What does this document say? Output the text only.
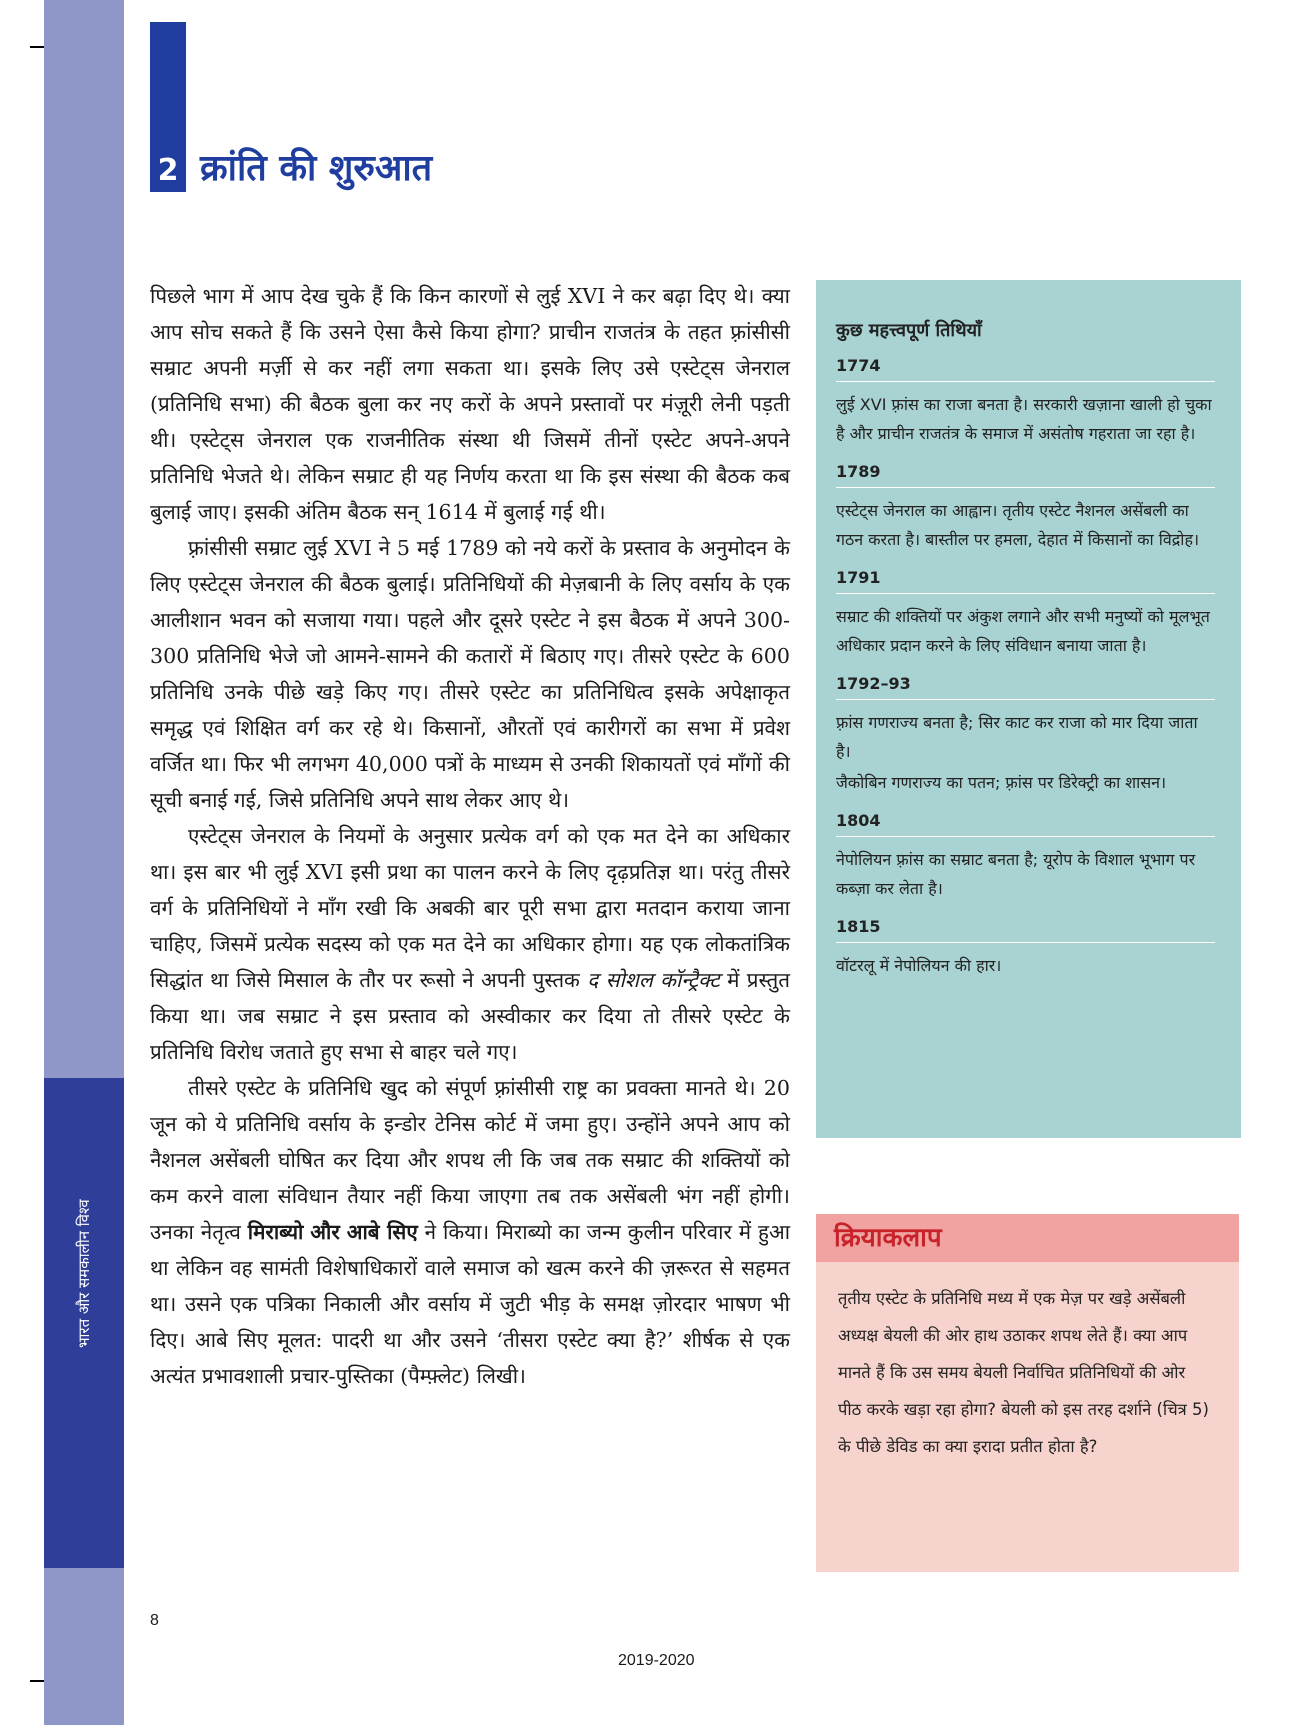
भारत और समकालीन विश्व
2 क्रांति की शुरुआत

पिछले भाग में आप देख चुके हैं कि किन कारणों से लुई XVI ने कर बढ़ा दिए थे। क्या आप सोच सकते हैं कि उसने ऐसा कैसे किया होगा? प्राचीन राजतंत्र के तहत फ़्रांसीसी सम्राट अपनी मर्ज़ी से कर नहीं लगा सकता था। इसके लिए उसे एस्टेट्स जेनराल (प्रतिनिधि सभा) की बैठक बुला कर नए करों के अपने प्रस्तावों पर मंज़ूरी लेनी पड़ती थी। एस्टेट्स जेनराल एक राजनीतिक संस्था थी जिसमें तीनों एस्टेट अपने-अपने प्रतिनिधि भेजते थे। लेकिन सम्राट ही यह निर्णय करता था कि इस संस्था की बैठक कब बुलाई जाए। इसकी अंतिम बैठक सन् 1614 में बुलाई गई थी।

फ़्रांसीसी सम्राट लुई XVI ने 5 मई 1789 को नये करों के प्रस्ताव के अनुमोदन के लिए एस्टेट्स जेनराल की बैठक बुलाई। प्रतिनिधियों की मेज़बानी के लिए वर्साय के एक आलीशान भवन को सजाया गया। पहले और दूसरे एस्टेट ने इस बैठक में अपने 300-300 प्रतिनिधि भेजे जो आमने-सामने की कतारों में बिठाए गए। तीसरे एस्टेट के 600 प्रतिनिधि उनके पीछे खड़े किए गए। तीसरे एस्टेट का प्रतिनिधित्व इसके अपेक्षाकृत समृद्ध एवं शिक्षित वर्ग कर रहे थे। किसानों, औरतों एवं कारीगरों का सभा में प्रवेश वर्जित था। फिर भी लगभग 40,000 पत्रों के माध्यम से उनकी शिकायतों एवं माँगों की सूची बनाई गई, जिसे प्रतिनिधि अपने साथ लेकर आए थे।

एस्टेट्स जेनराल के नियमों के अनुसार प्रत्येक वर्ग को एक मत देने का अधिकार था। इस बार भी लुई XVI इसी प्रथा का पालन करने के लिए दृढ़प्रतिज्ञ था। परंतु तीसरे वर्ग के प्रतिनिधियों ने माँग रखी कि अबकी बार पूरी सभा द्वारा मतदान कराया जाना चाहिए, जिसमें प्रत्येक सदस्य को एक मत देने का अधिकार होगा। यह एक लोकतांत्रिक सिद्धांत था जिसे मिसाल के तौर पर रूसो ने अपनी पुस्तक द सोशल कॉन्ट्रैक्ट में प्रस्तुत किया था। जब सम्राट ने इस प्रस्ताव को अस्वीकार कर दिया तो तीसरे एस्टेट के प्रतिनिधि विरोध जताते हुए सभा से बाहर चले गए।

तीसरे एस्टेट के प्रतिनिधि खुद को संपूर्ण फ़्रांसीसी राष्ट्र का प्रवक्ता मानते थे। 20 जून को ये प्रतिनिधि वर्साय के इन्डोर टेनिस कोर्ट में जमा हुए। उन्होंने अपने आप को नैशनल असेंबली घोषित कर दिया और शपथ ली कि जब तक सम्राट की शक्तियों को कम करने वाला संविधान तैयार नहीं किया जाएगा तब तक असेंबली भंग नहीं होगी। उनका नेतृत्व मिराब्यो और आबे सिए ने किया। मिराब्यो का जन्म कुलीन परिवार में हुआ था लेकिन वह सामंती विशेषाधिकारों वाले समाज को खत्म करने की ज़रूरत से सहमत था। उसने एक पत्रिका निकाली और वर्साय में जुटी भीड़ के समक्ष ज़ोरदार भाषण भी दिए। आबे सिए मूलत: पादरी था और उसने ‘तीसरा एस्टेट क्या है?’ शीर्षक से एक अत्यंत प्रभावशाली प्रचार-पुस्तिका (पैम्फ़्लेट) लिखी।

कुछ महत्त्वपूर्ण तिथियाँ
1774
लुई XVI फ़्रांस का राजा बनता है। सरकारी खज़ाना खाली हो चुका है और प्राचीन राजतंत्र के समाज में असंतोष गहराता जा रहा है।
1789
एस्टेट्स जेनराल का आह्वान। तृतीय एस्टेट नैशनल असेंबली का गठन करता है। बास्तील पर हमला, देहात में किसानों का विद्रोह।
1791
सम्राट की शक्तियों पर अंकुश लगाने और सभी मनुष्यों को मूलभूत अधिकार प्रदान करने के लिए संविधान बनाया जाता है।
1792–93
फ़्रांस गणराज्य बनता है; सिर काट कर राजा को मार दिया जाता है।
जैकोबिन गणराज्य का पतन; फ़्रांस पर डिरेक्ट्री का शासन।
1804
नेपोलियन फ़्रांस का सम्राट बनता है; यूरोप के विशाल भूभाग पर कब्ज़ा कर लेता है।
1815
वॉटरलू में नेपोलियन की हार।
क्रियाकलाप
तृतीय एस्टेट के प्रतिनिधि मध्य में एक मेज़ पर खड़े असेंबली अध्यक्ष बेयली की ओर हाथ उठाकर शपथ लेते हैं। क्या आप मानते हैं कि उस समय बेयली निर्वाचित प्रतिनिधियों की ओर पीठ करके खड़ा रहा होगा? बेयली को इस तरह दर्शाने (चित्र 5) के पीछे डेविड का क्या इरादा प्रतीत होता है?
8
2019-2020
